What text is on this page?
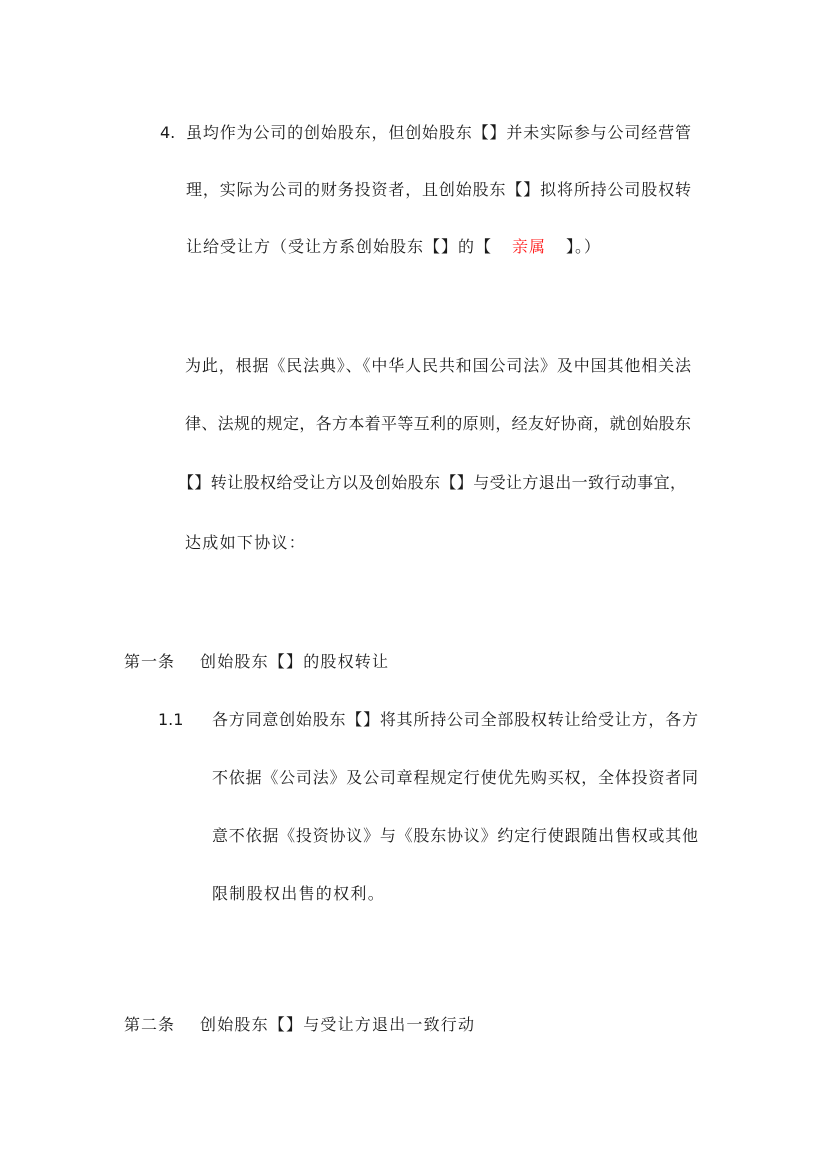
4. 虽均作为公司的创始股东，但创始股东【】并未实际参与公司经营管
理，实际为公司的财务投资者，且创始股东【】拟将所持公司股权转
让给受让方（受让方系创始股东【】的【 亲属 】。）
为此，根据《民法典》、《中华人民共和国公司法》及中国其他相关法
律、法规的规定，各方本着平等互利的原则，经友好协商，就创始股东
【】转让股权给受让方以及创始股东【】与受让方退出一致行动事宜，
达成如下协议：
第一条 创始股东【】的股权转让
1.1 各方同意创始股东【】将其所持公司全部股权转让给受让方，各方
不依据《公司法》及公司章程规定行使优先购买权，全体投资者同
意不依据《投资协议》与《股东协议》约定行使跟随出售权或其他
限制股权出售的权利。
第二条 创始股东【】与受让方退出一致行动
